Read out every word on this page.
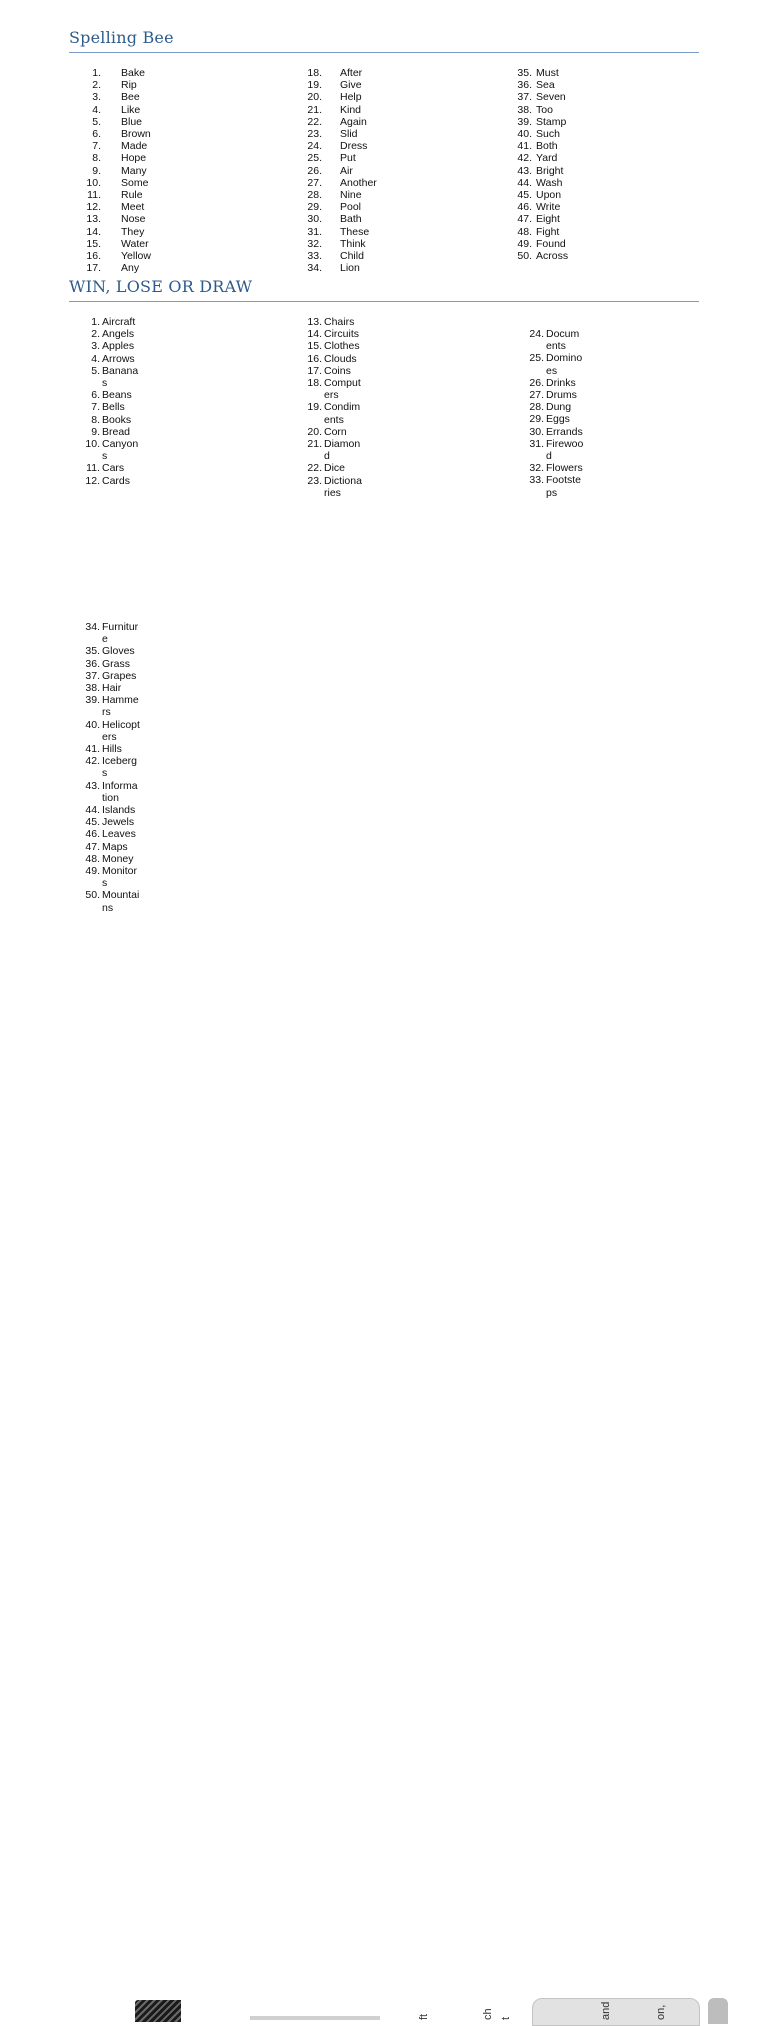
Spelling Bee
1. Bake
2. Rip
3. Bee
4. Like
5. Blue
6. Brown
7. Made
8. Hope
9. Many
10. Some
11. Rule
12. Meet
13. Nose
14. They
15. Water
16. Yellow
17. Any
18. After
19. Give
20. Help
21. Kind
22. Again
23. Slid
24. Dress
25. Put
26. Air
27. Another
28. Nine
29. Pool
30. Bath
31. These
32. Think
33. Child
34. Lion
35. Must
36. Sea
37. Seven
38. Too
39. Stamp
40. Such
41. Both
42. Yard
43. Bright
44. Wash
45. Upon
46. Write
47. Eight
48. Fight
49. Found
50. Across
WIN, LOSE OR DRAW
1. Aircraft
2. Angels
3. Apples
4. Arrows
5. Bananas
6. Beans
7. Bells
8. Books
9. Bread
10. Canyons
11. Cars
12. Cards
13. Chairs
14. Circuits
15. Clothes
16. Clouds
17. Coins
18. Computers
19. Condiments
20. Corn
21. Diamond
22. Dice
23. Dictionaries
24. Documents
25. Dominoes
26. Drinks
27. Drums
28. Dung
29. Eggs
30. Errands
31. Firewood
32. Flowers
33. Footsteps
34. Furniture
35. Gloves
36. Grass
37. Grapes
38. Hair
39. Hammers
40. Helicopters
41. Hills
42. Icebergs
43. Information
44. Islands
45. Jewels
46. Leaves
47. Maps
48. Money
49. Monitors
50. Mountains
ft	ch t	and	on,
